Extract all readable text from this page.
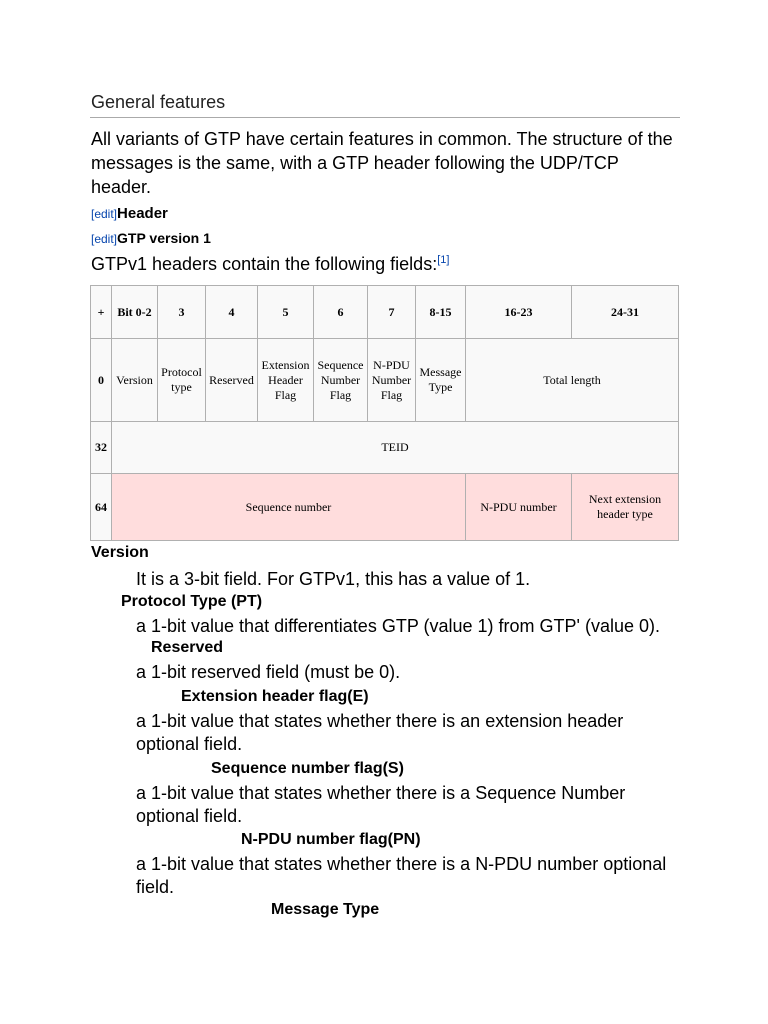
General features
All variants of GTP have certain features in common. The structure of the messages is the same, with a GTP header following the UDP/TCP header.
[edit]Header
[edit]GTP version 1
GTPv1 headers contain the following fields:[1]
+	Bit 0-2	3	4	5	6	7	8-15	16-23	24-31
0	Version	Protocol type	Reserved	Extension Header Flag	Sequence Number Flag	N-PDU Number Flag	Message Type	Total length	
32	TEID								
64	Sequence number							N-PDU number	Next extension header type
Version
It is a 3-bit field. For GTPv1, this has a value of 1.
Protocol Type (PT)
a 1-bit value that differentiates GTP (value 1) from GTP' (value 0).
Reserved
a 1-bit reserved field (must be 0).
Extension header flag(E)
a 1-bit value that states whether there is an extension header optional field.
Sequence number flag(S)
a 1-bit value that states whether there is a Sequence Number optional field.
N-PDU number flag(PN)
a 1-bit value that states whether there is a N-PDU number optional field.
Message Type
